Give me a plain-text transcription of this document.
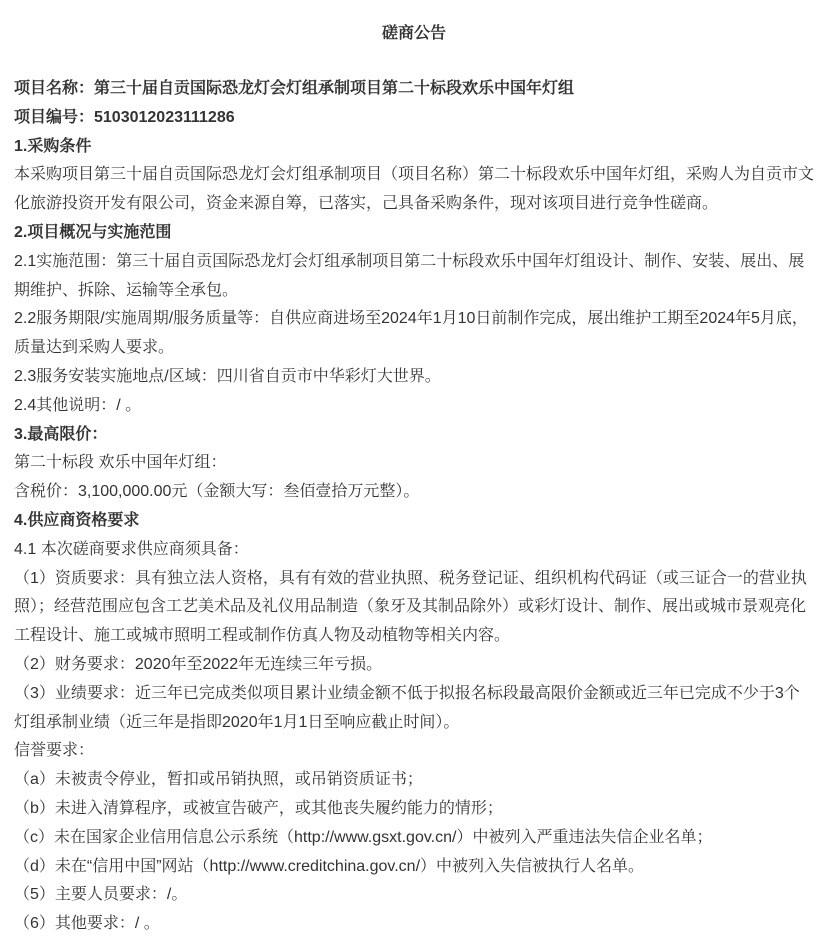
磋商公告

项目名称：第三十届自贡国际恐龙灯会灯组承制项目第二十标段欢乐中国年灯组

项目编号：5103012023111286

1.采购条件

本采购项目第三十届自贡国际恐龙灯会灯组承制项目（项目名称）第二十标段欢乐中国年灯组，采购人为自贡市文化旅游投资开发有限公司，资金来源自筹，已落实，己具备采购条件，现对该项目进行竞争性磋商。

2.项目概况与实施范围

2.1实施范围：第三十届自贡国际恐龙灯会灯组承制项目第二十标段欢乐中国年灯组设计、制作、安装、展出、展期维护、拆除、运输等全承包。

2.2服务期限/实施周期/服务质量等：自供应商进场至2024年1月10日前制作完成，展出维护工期至2024年5月底，质量达到采购人要求。

2.3服务安装实施地点/区域：四川省自贡市中华彩灯大世界。

2.4其他说明：/ 。

3.最高限价：

第二十标段 欢乐中国年灯组：

含税价：3,100,000.00元（金额大写：叁佰壹拾万元整）。

4.供应商资格要求

4.1 本次磋商要求供应商须具备：

（1）资质要求：具有独立法人资格，具有有效的营业执照、税务登记证、组织机构代码证（或三证合一的营业执照）；经营范围应包含工艺美术品及礼仪用品制造（象牙及其制品除外）或彩灯设计、制作、展出或城市景观亮化工程设计、施工或城市照明工程或制作仿真人物及动植物等相关内容。

（2）财务要求：2020年至2022年无连续三年亏损。

（3）业绩要求：近三年已完成类似项目累计业绩金额不低于拟报名标段最高限价金额或近三年已完成不少于3个灯组承制业绩（近三年是指即2020年1月1日至响应截止时间）。

信誉要求：

（a）未被责令停业，暂扣或吊销执照，或吊销资质证书；

（b）未进入清算程序，或被宣告破产，或其他丧失履约能力的情形；

（c）未在国家企业信用信息公示系统（http://www.gsxt.gov.cn/）中被列入严重违法失信企业名单；

（d）未在“信用中国”网站（http://www.creditchina.gov.cn/）中被列入失信被执行人名单。

（5）主要人员要求：/。

（6）其他要求：/ 。
